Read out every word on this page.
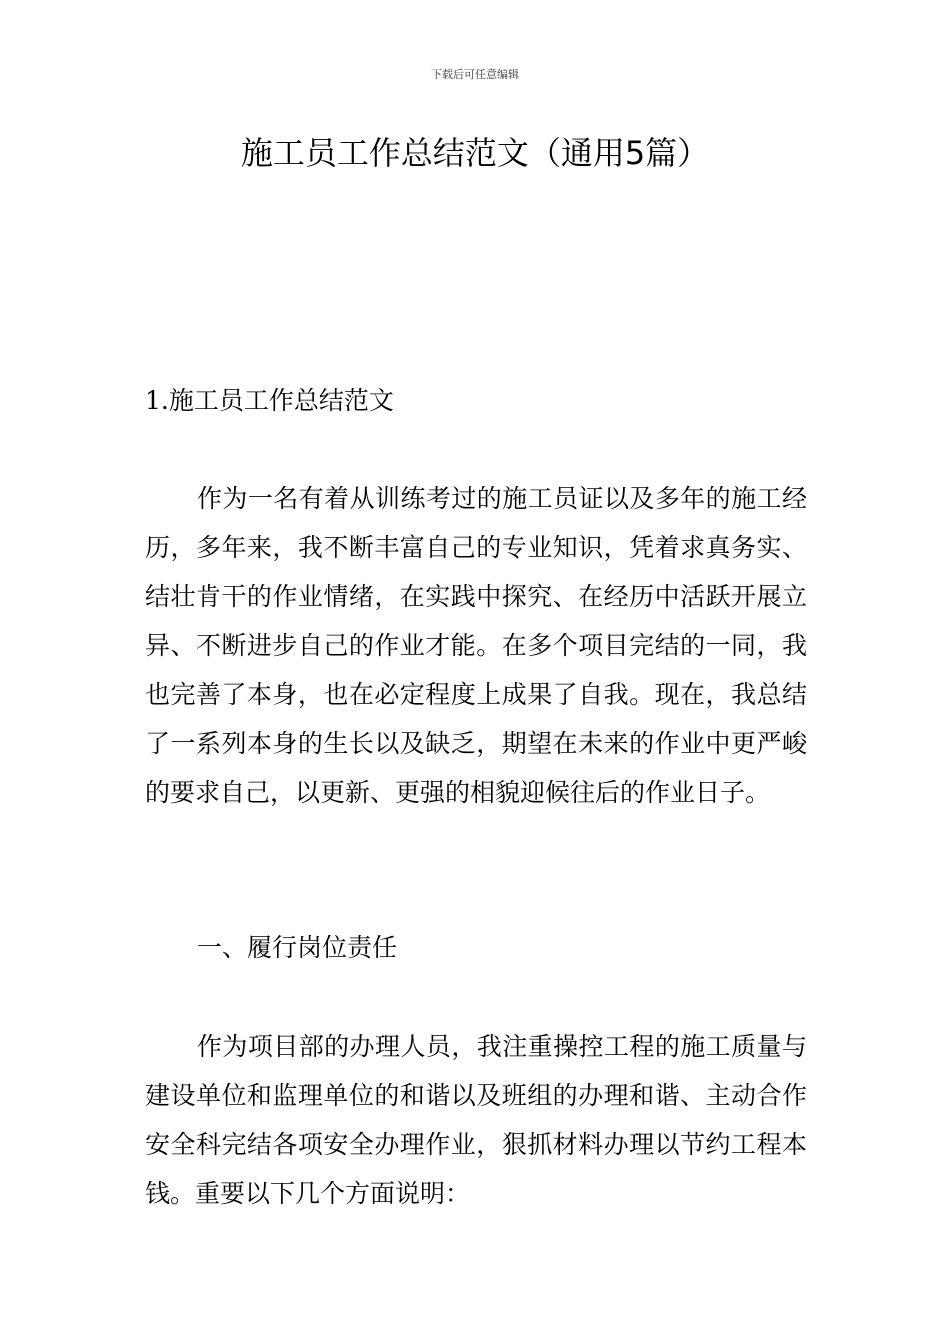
下载后可任意编辑
施工员工作总结范文（通用5篇）
1.施工员工作总结范文

作为一名有着从训练考过的施工员证以及多年的施工经历，多年来，我不断丰富自己的专业知识，凭着求真务实、结壮肯干的作业情绪，在实践中探究、在经历中活跃开展立异、不断进步自己的作业才能。在多个项目完结的一同，我也完善了本身，也在必定程度上成果了自我。现在，我总结了一系列本身的生长以及缺乏，期望在未来的作业中更严峻的要求自己，以更新、更强的相貌迎候往后的作业日子。

一、履行岗位责任

作为项目部的办理人员，我注重操控工程的施工质量与建设单位和监理单位的和谐以及班组的办理和谐、主动合作安全科完结各项安全办理作业，狠抓材料办理以节约工程本钱。重要以下几个方面说明：
